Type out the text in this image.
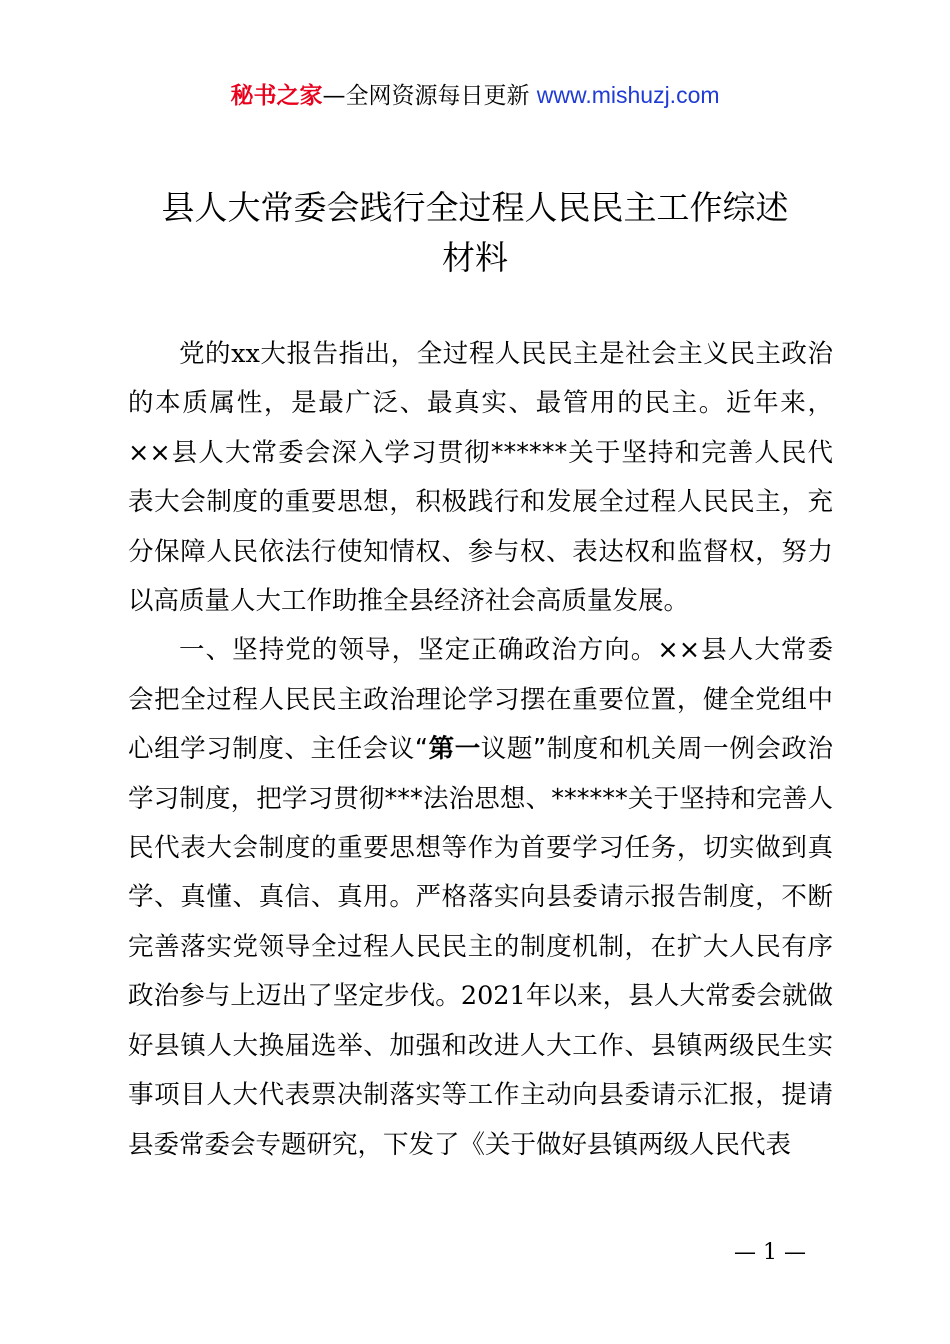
秘书之家—全网资源每日更新 www.mishuzj.com
县人大常委会践行全过程人民民主工作综述
材料

党的xx大报告指出，全过程人民民主是社会主义民主政治的本质属性，是最广泛、最真实、最管用的民主。近年来，××县人大常委会深入学习贯彻******关于坚持和完善人民代表大会制度的重要思想，积极践行和发展全过程人民民主，充分保障人民依法行使知情权、参与权、表达权和监督权，努力以高质量人大工作助推全县经济社会高质量发展。

一、坚持党的领导，坚定正确政治方向。××县人大常委会把全过程人民民主政治理论学习摆在重要位置，健全党组中心组学习制度、主任会议“第一议题”制度和机关周一例会政治学习制度，把学习贯彻***法治思想、******关于坚持和完善人民代表大会制度的重要思想等作为首要学习任务，切实做到真学、真懂、真信、真用。严格落实向县委请示报告制度，不断完善落实党领导全过程人民民主的制度机制，在扩大人民有序政治参与上迈出了坚定步伐。2021年以来，县人大常委会就做好县镇人大换届选举、加强和改进人大工作、县镇两级民生实事项目人大代表票决制落实等工作主动向县委请示汇报，提请县委常委会专题研究，下发了《关于做好县镇两级人民代表

— 1 —
